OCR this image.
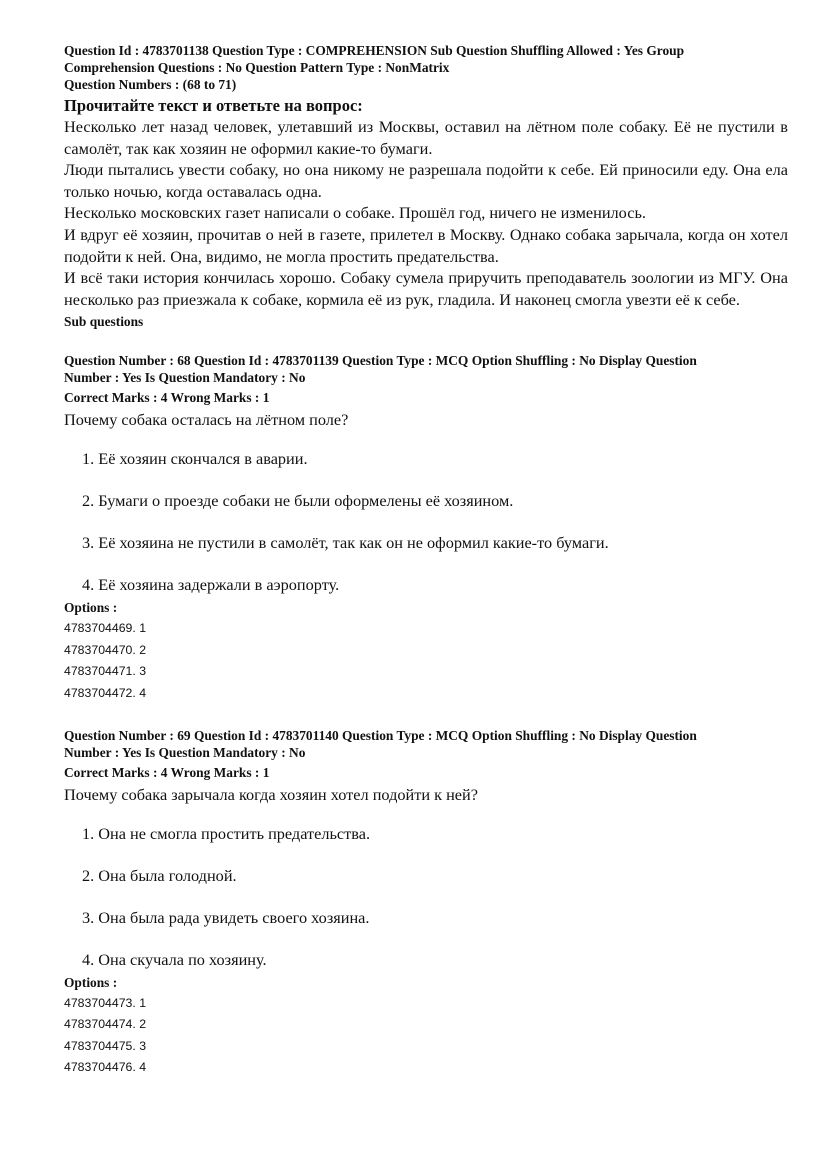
Question Id : 4783701138 Question Type : COMPREHENSION Sub Question Shuffling Allowed : Yes Group
Comprehension Questions : No Question Pattern Type : NonMatrix
Question Numbers : (68 to 71)
Прочитайте текст и ответьте на вопрос:

Несколько лет назад человек, улетавший из Москвы, оставил на лётном поле собаку. Её не пустили в самолёт, так как хозяин не оформил какие-то бумаги.

Люди пытались увести собаку, но она никому не разрешала подойти к себе. Ей приносили еду. Она ела только ночью, когда оставалась одна.

Несколько московских газет написали о собаке. Прошёл год, ничего не изменилось.

И вдруг её хозяин, прочитав о ней в газете, прилетел в Москву. Однако собака зарычала, когда он хотел подойти к ней. Она, видимо, не могла простить предательства.

И всё таки история кончилась хорошо. Собаку сумела приручить преподаватель зоологии из МГУ. Она несколько раз приезжала к собаке, кормила её из рук, гладила. И наконец смогла увезти её к себе.

Sub questions
Question Number : 68 Question Id : 4783701139 Question Type : MCQ Option Shuffling : No Display Question
Number : Yes Is Question Mandatory : No
Correct Marks : 4 Wrong Marks : 1
Почему собака осталась на лётном поле?
1. Её хозяин скончался в аварии.
2. Бумаги о проезде собаки не были оформелены её хозяином.
3. Её хозяина не пустили в самолёт, так как он не оформил какие-то бумаги.
4. Её хозяина задержали в аэропорту.
Options :
4783704469. 1
4783704470. 2
4783704471. 3
4783704472. 4
Question Number : 69 Question Id : 4783701140 Question Type : MCQ Option Shuffling : No Display Question
Number : Yes Is Question Mandatory : No
Correct Marks : 4 Wrong Marks : 1
Почему собака зарычала когда хозяин хотел подойти к ней?
1. Она не смогла простить предательства.
2. Она была голодной.
3. Она была рада увидеть своего хозяина.
4. Она скучала по хозяину.
Options :
4783704473. 1
4783704474. 2
4783704475. 3
4783704476. 4
